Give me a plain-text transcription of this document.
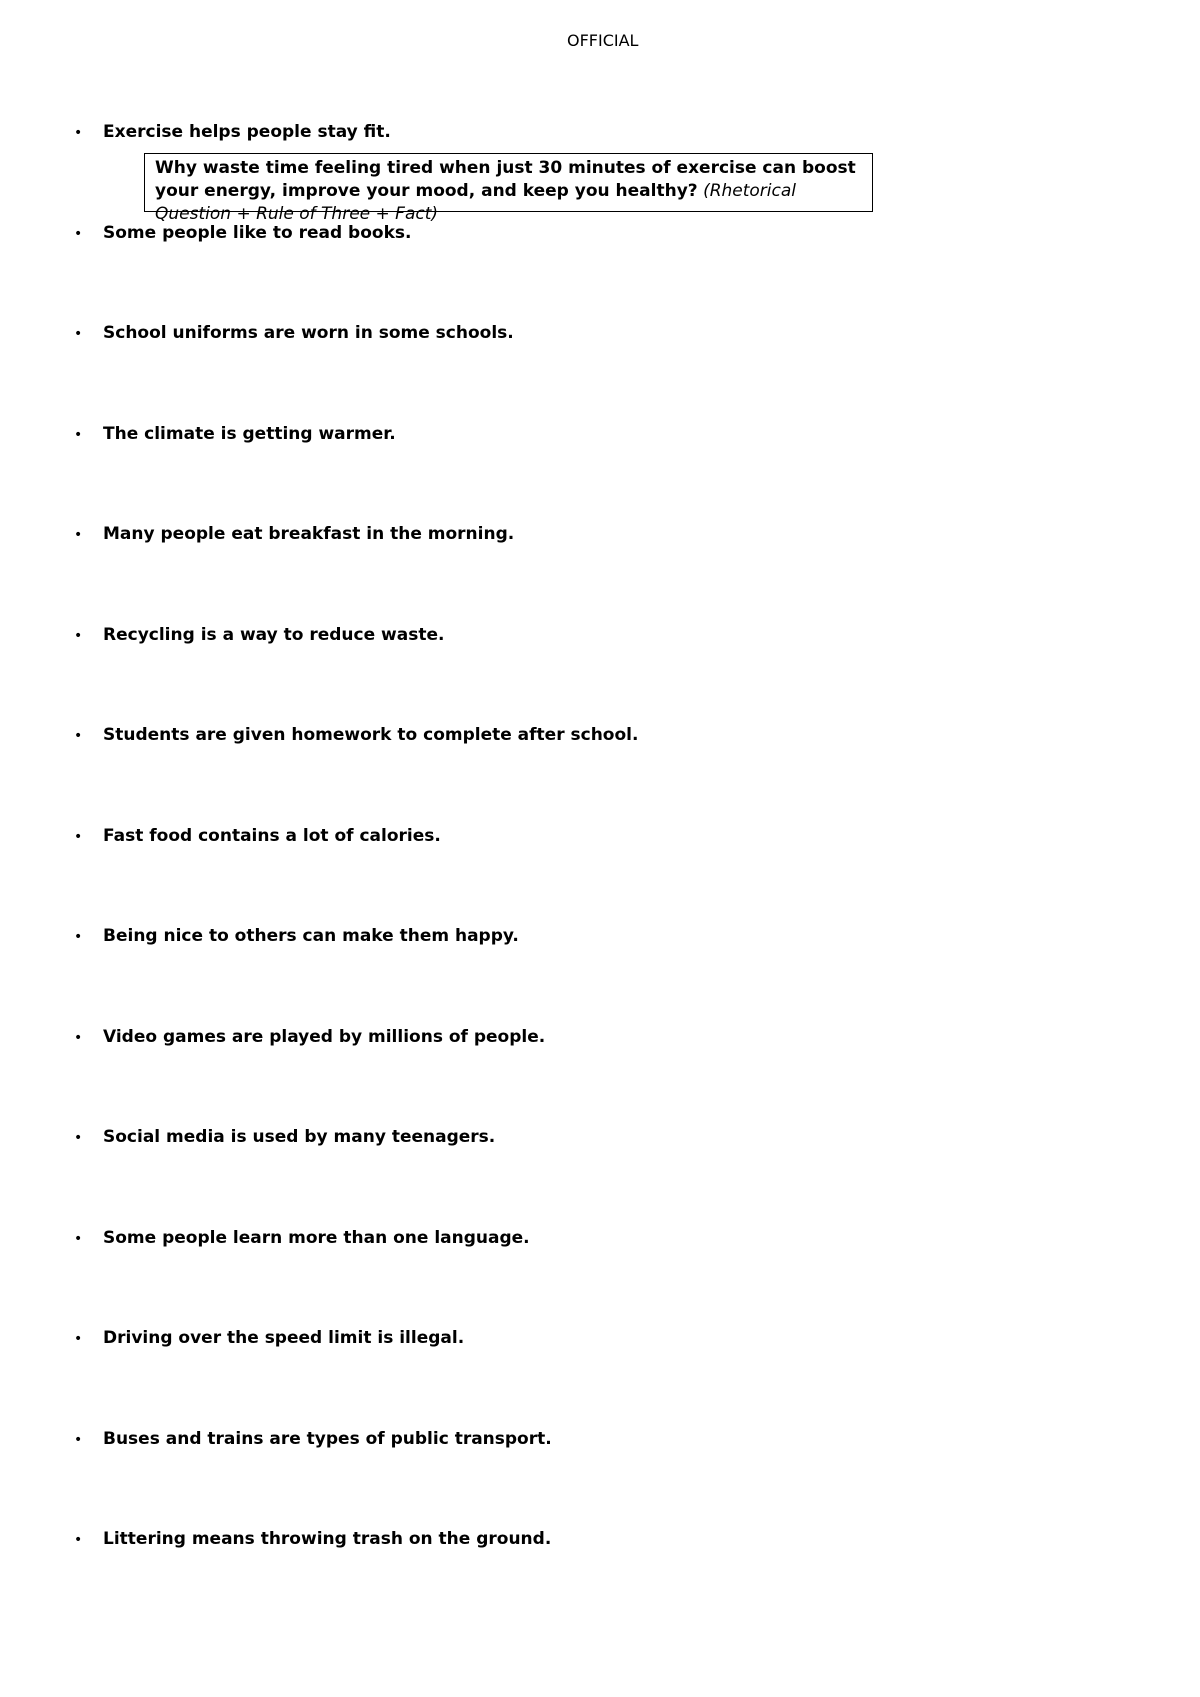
OFFICIAL
• Exercise helps people stay fit.
• Some people like to read books.
• School uniforms are worn in some schools.
• The climate is getting warmer.
• Many people eat breakfast in the morning.
• Recycling is a way to reduce waste.
• Students are given homework to complete after school.
• Fast food contains a lot of calories.
• Being nice to others can make them happy.
• Video games are played by millions of people.
• Social media is used by many teenagers.
• Some people learn more than one language.
• Driving over the speed limit is illegal.
• Buses and trains are types of public transport.
• Littering means throwing trash on the ground.
Why waste time feeling tired when just 30 minutes of exercise can boost your energy, improve your mood, and keep you healthy? (Rhetorical Question + Rule of Three + Fact)
